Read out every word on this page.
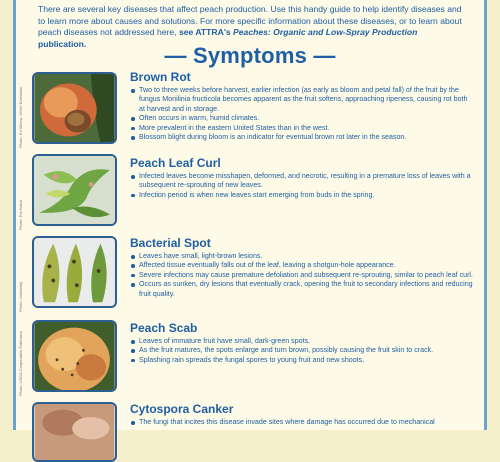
There are several key diseases that affect peach production. Use this handy guide to help identify diseases and to learn more about causes and solutions. For more specific information about these diseases, or to learn about peach diseases not addressed here, see ATTRA's Peaches: Organic and Low-Spray Production publication.	— Symptoms —
Photo: Ed Sikora, WWU Extension
Brown Rot
Two to three weeks before harvest, earlier infection (as early as bloom and petal fall) of the fruit by the fungus Monilinia fructicola becomes apparent as the fruit softens, approaching ripeness, causing rot both at harvest and in storage.
Often occurs in warm, humid climates.
More prevalent in the eastern United States than in the west.
Blossom blight during bloom is an indicator for eventual brown rot later in the season.
Photo: Pat Hatch
Peach Leaf Curl
Infected leaves become misshapen, deformed, and necrotic, resulting in a premature loss of leaves with a subsequent re-sprouting of new leaves.
Infection period is when new leaves start emerging from buds in the spring.
Photo: University
Bacterial Spot
Leaves have small, light-brown lesions.
Affected tissue eventually falls out of the leaf, leaving a shotgun-hole appearance.
Severe infections may cause premature defoliation and subsequent re-sprouting, similar to peach leaf curl.
Occurs as sunken, dry lesions that eventually crack, opening the fruit to secondary infections and reducing fruit quality.
Photo: USDA Cooperative Extension
Peach Scab
Leaves of immature fruit have small, dark-green spots.
As the fruit matures, the spots enlarge and turn brown, possibly causing the fruit skin to crack.
Splashing rain spreads the fungal spores to young fruit and new shoots.
Cytospora Canker
The fungi that incites this disease invade sites where damage has occurred due to mechanical
